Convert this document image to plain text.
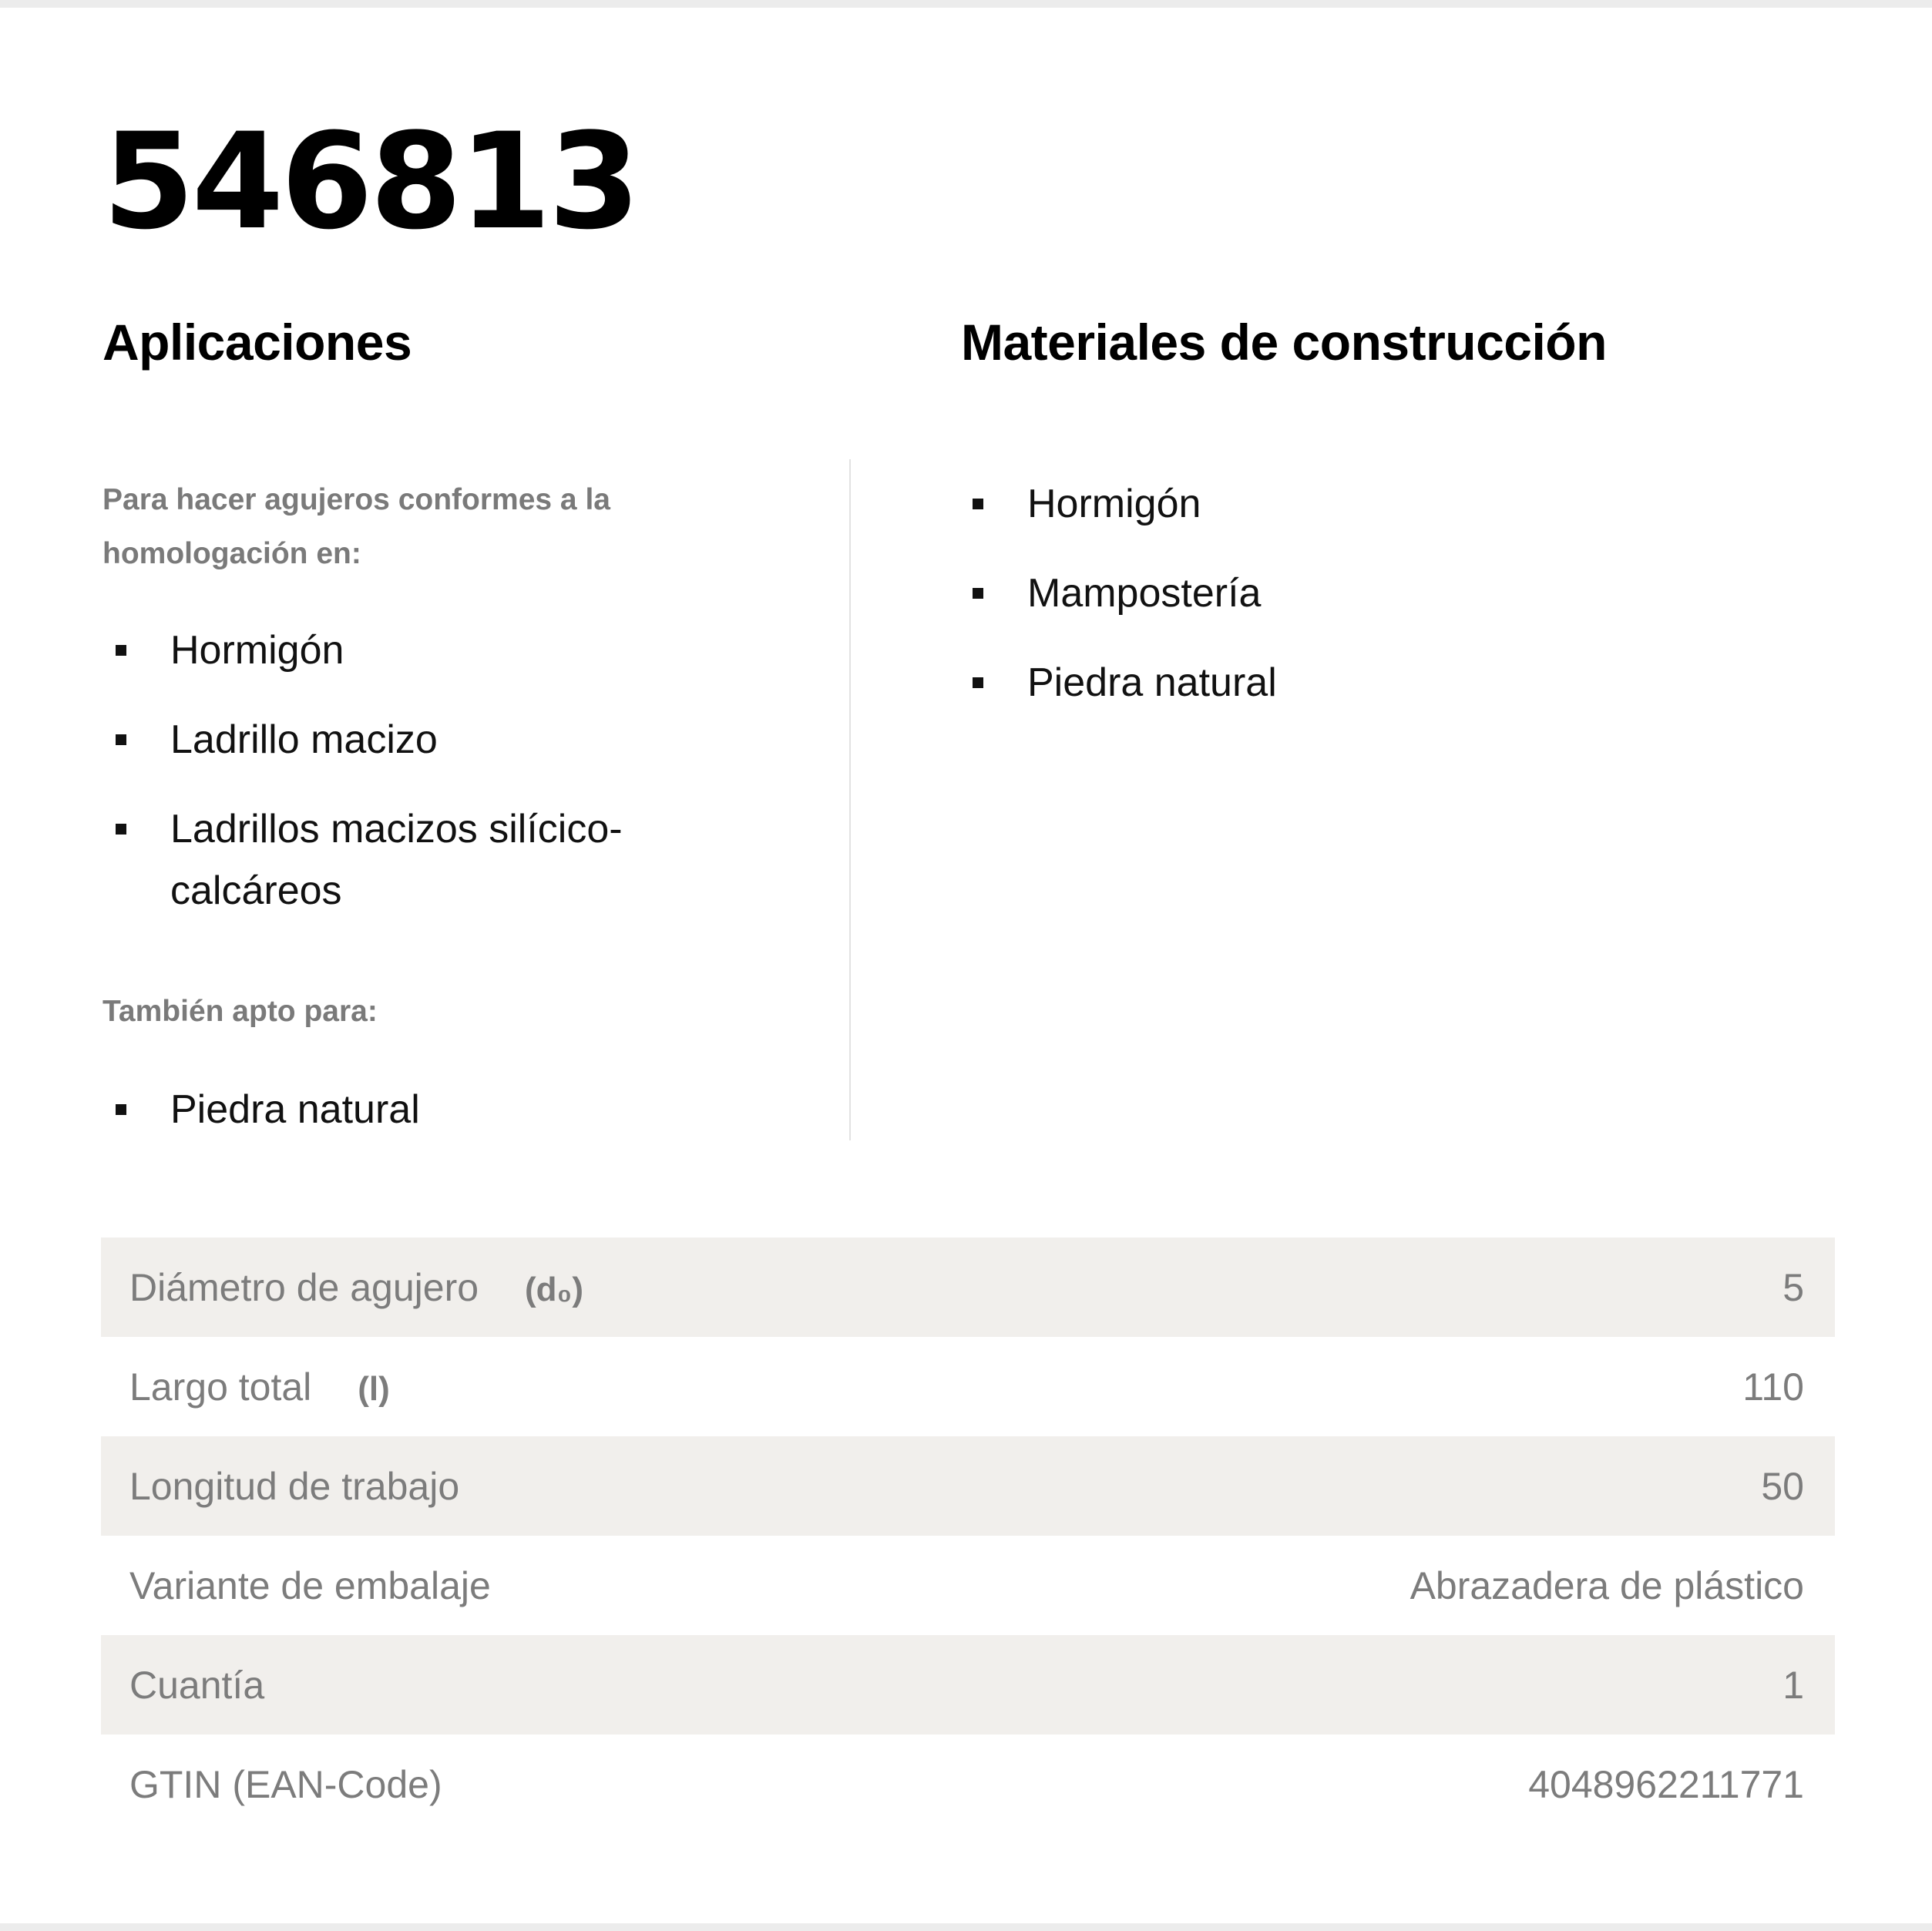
546813
Aplicaciones	Materiales de construcción

Para hacer agujeros conformes a la homologación en:

Hormigón
Ladrillo macizo
Ladrillos macizos silícico-calcáreos

También apto para:

Piedra natural
Hormigón
Mampostería
Piedra natural
Diámetro de agujero (d₀)	5
Largo total (l)	110
Longitud de trabajo	50
Variante de embalaje	Abrazadera de plástico
Cuantía	1
GTIN (EAN-Code)	4048962211771
